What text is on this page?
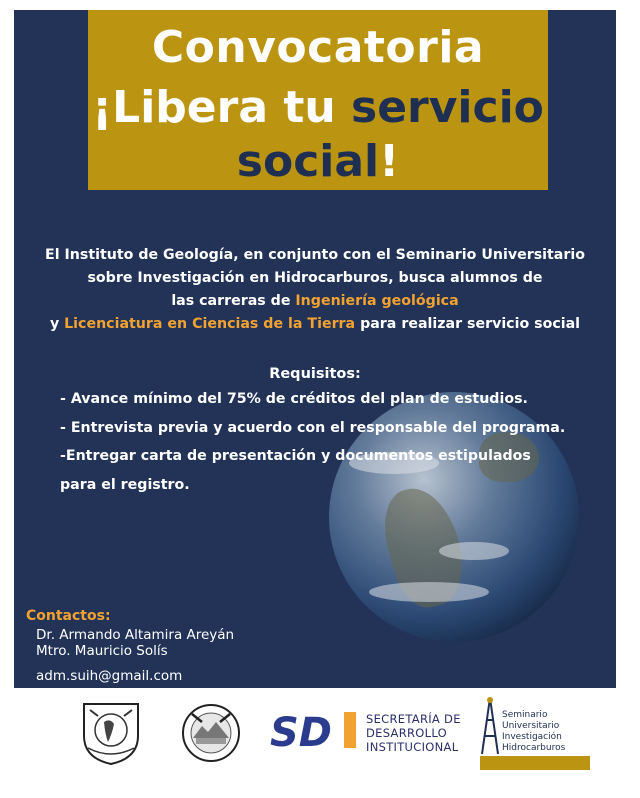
Convocatoria
¡Libera tu servicio
social!
El Instituto de Geología, en conjunto con el Seminario Universitario
sobre Investigación en Hidrocarburos, busca alumnos de
las carreras de Ingeniería geológica
y Licenciatura en Ciencias de la Tierra para realizar servicio social
Requisitos:
- Avance mínimo del 75% de créditos del plan de estudios.
- Entrevista previa y acuerdo con el responsable del programa.
-Entregar carta de presentación y documentos estipulados
para el registro.
Contactos:
Dr. Armando Altamira Areyán
Mtro. Mauricio Solís
adm.suih@gmail.com
SD	SECRETARÍA DE
DESARROLLO
INSTITUCIONAL
Seminario
Universitario
Investigación
Hidrocarburos
